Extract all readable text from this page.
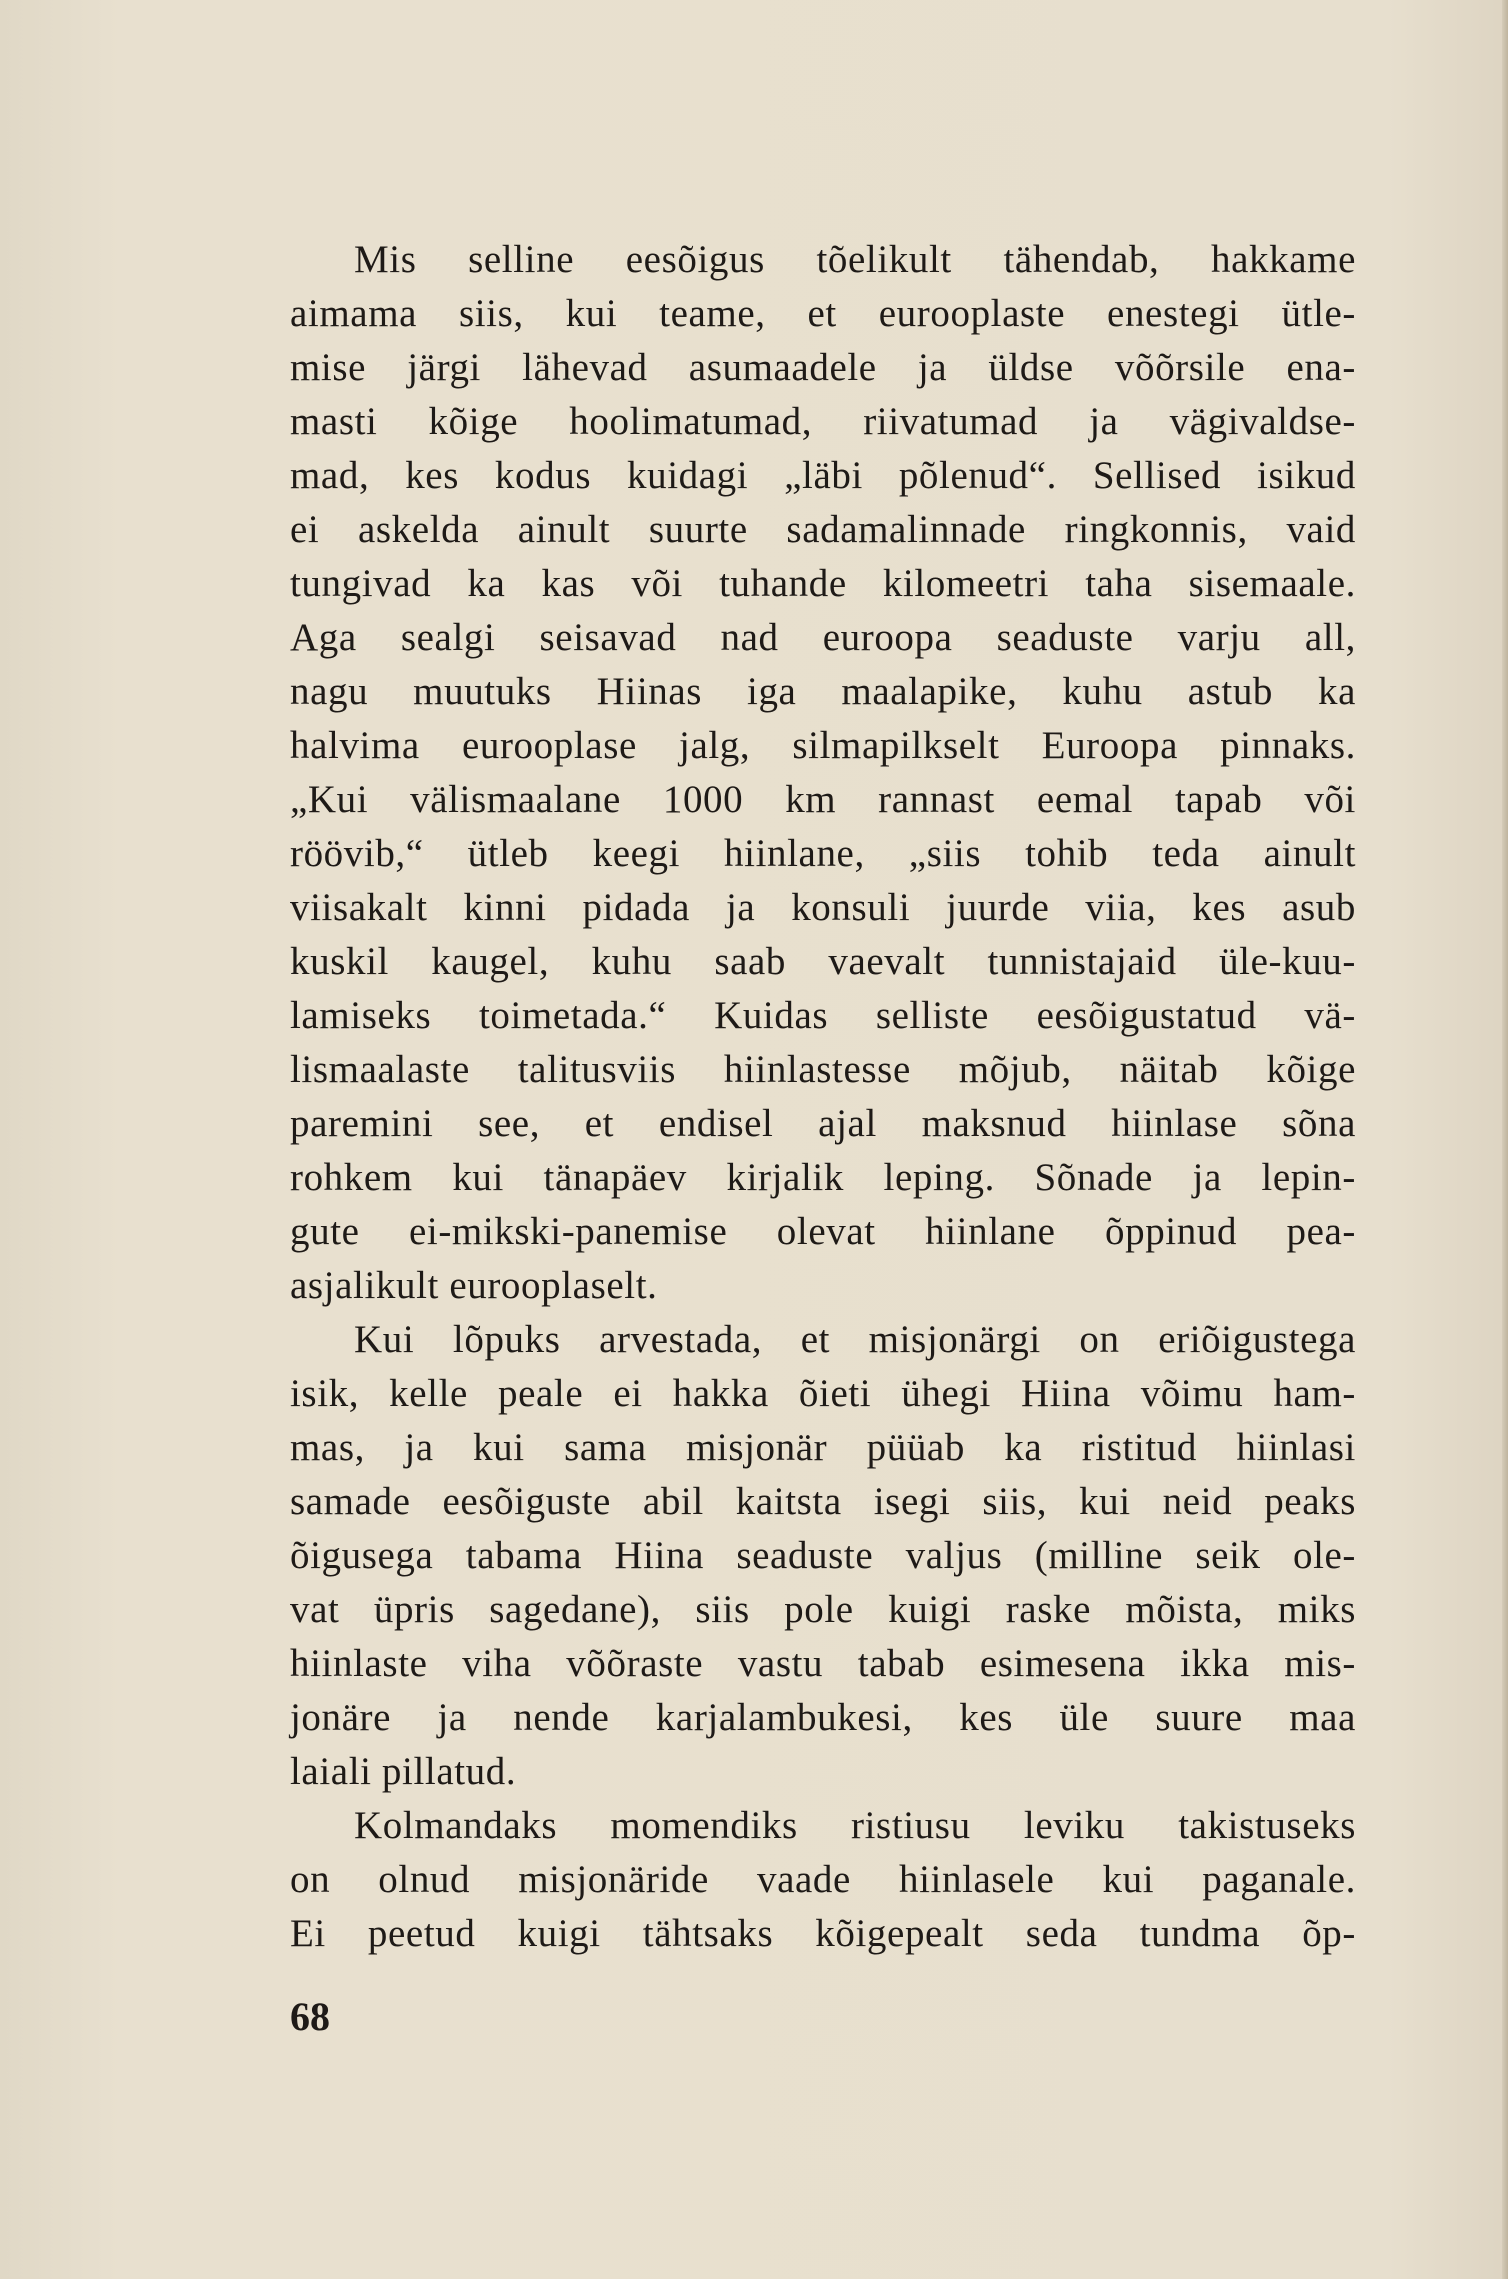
Mis selline eesõigus tõelikult tähendab, hakkame
aimama siis, kui teame, et eurooplaste enestegi ütle-
mise järgi lähevad asumaadele ja üldse võõrsile ena-
masti kõige hoolimatumad, riivatumad ja vägivaldse-
mad, kes kodus kuidagi „läbi põlenud“. Sellised isikud
ei askelda ainult suurte sadamalinnade ringkonnis, vaid
tungivad ka kas või tuhande kilomeetri taha sisemaale.
Aga sealgi seisavad nad euroopa seaduste varju all,
nagu muutuks Hiinas iga maalapike, kuhu astub ka
halvima eurooplase jalg, silmapilkselt Euroopa pinnaks.
„Kui välismaalane 1000 km rannast eemal tapab või
röövib,“ ütleb keegi hiinlane, „siis tohib teda ainult
viisakalt kinni pidada ja konsuli juurde viia, kes asub
kuskil kaugel, kuhu saab vaevalt tunnistajaid üle-kuu-
lamiseks toimetada.“ Kuidas selliste eesõigustatud vä-
lismaalaste talitusviis hiinlastesse mõjub, näitab kõige
paremini see, et endisel ajal maksnud hiinlase sõna
rohkem kui tänapäev kirjalik leping. Sõnade ja lepin-
gute ei-mikski-panemise olevat hiinlane õppinud pea-
asjalikult eurooplaselt.
Kui lõpuks arvestada, et misjonärgi on eriõigustega
isik, kelle peale ei hakka õieti ühegi Hiina võimu ham-
mas, ja kui sama misjonär püüab ka ristitud hiinlasi
samade eesõiguste abil kaitsta isegi siis, kui neid peaks
õigusega tabama Hiina seaduste valjus (milline seik ole-
vat üpris sagedane), siis pole kuigi raske mõista, miks
hiinlaste viha võõraste vastu tabab esimesena ikka mis-
jonäre ja nende karjalambukesi, kes üle suure maa
laiali pillatud.
Kolmandaks momendiks ristiusu leviku takistuseks
on olnud misjonäride vaade hiinlasele kui paganale.
Ei peetud kuigi tähtsaks kõigepealt seda tundma õp-
68
